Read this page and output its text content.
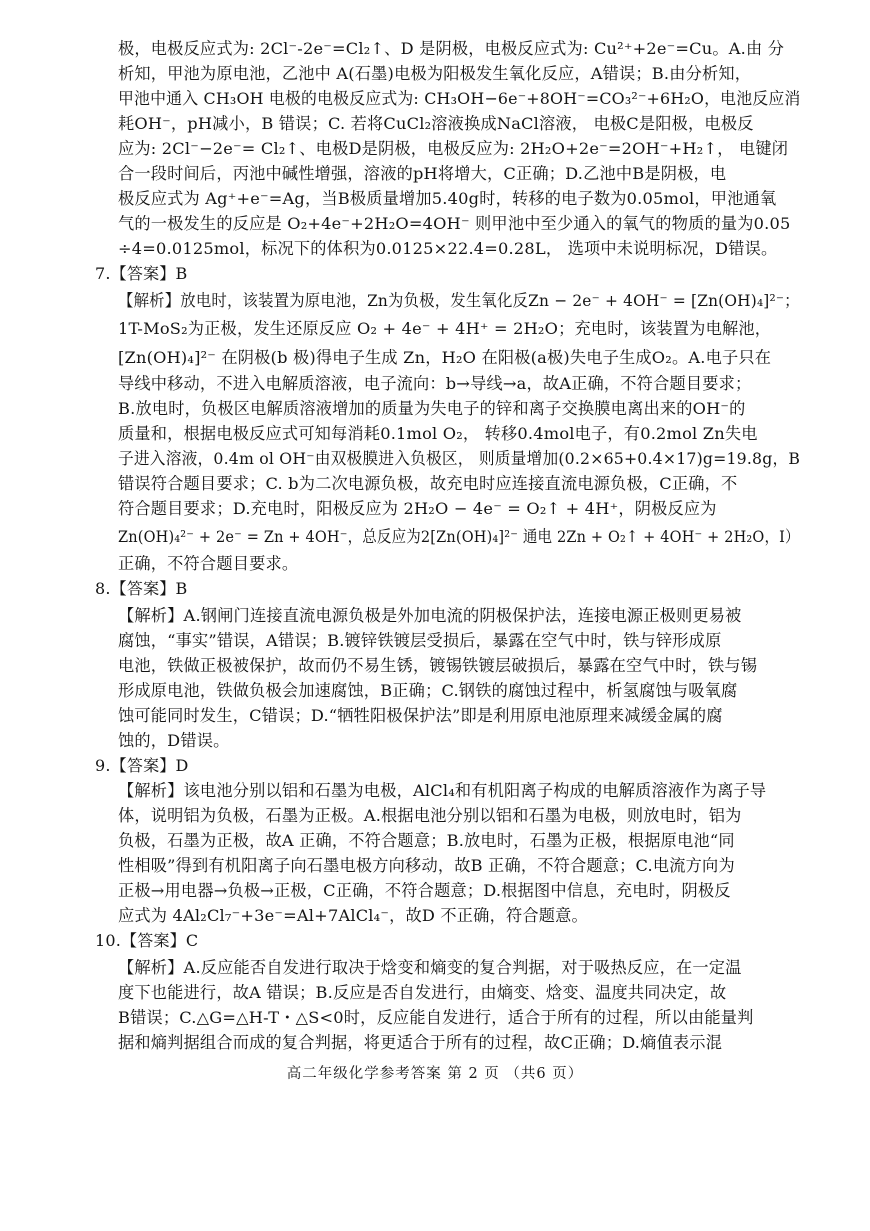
极，电极反应式为: 2Cl⁻-2e⁻=Cl₂↑、D 是阴极，电极反应式为: Cu²⁺+2e⁻=Cu。A.由 分
析知，甲池为原电池，乙池中 A(石墨)电极为阳极发生氧化反应，A错误；B.由分析知，
甲池中通入 CH₃OH 电极的电极反应式为: CH₃OH−6e⁻+8OH⁻=CO₃²⁻+6H₂O，电池反应消
耗OH⁻，pH减小，B 错误；C. 若将CuCl₂溶液换成NaCl溶液， 电极C是阳极，电极反
应为: 2Cl⁻−2e⁻= Cl₂↑、电极D是阴极，电极反应为: 2H₂O+2e⁻=2OH⁻+H₂↑， 电键闭
合一段时间后，丙池中碱性增强，溶液的pH将增大，C正确；D.乙池中B是阴极，电
极反应式为 Ag⁺+e⁻=Ag，当B极质量增加5.40g时，转移的电子数为0.05mol，甲池通氧
气的一极发生的反应是 O₂+4e⁻+2H₂O=4OH⁻ 则甲池中至少通入的氧气的物质的量为0.05
÷4=0.0125mol，标况下的体积为0.0125×22.4=0.28L， 选项中未说明标况，D错误。
7.【答案】B
【解析】放电时，该装置为原电池，Zn为负极，发生氧化反Zn − 2e⁻ + 4OH⁻ = [Zn(OH)₄]²⁻；
1T-MoS₂为正极，发生还原反应 O₂ + 4e⁻ + 4H⁺ = 2H₂O；充电时，该装置为电解池，
[Zn(OH)₄]²⁻ 在阴极(b 极)得电子生成 Zn，H₂O 在阳极(a极)失电子生成O₂。A.电子只在
导线中移动，不进入电解质溶液，电子流向：b→导线→a，故A正确，不符合题目要求；
B.放电时，负极区电解质溶液增加的质量为失电子的锌和离子交换膜电离出来的OH⁻的
质量和，根据电极反应式可知每消耗0.1mol O₂， 转移0.4mol电子，有0.2mol Zn失电
子进入溶液，0.4m ol OH⁻由双极膜进入负极区， 则质量增加(0.2×65+0.4×17)g=19.8g，B
错误符合题目要求；C. b为二次电源负极，故充电时应连接直流电源负极，C正确，不
符合题目要求；D.充电时，阳极反应为 2H₂O − 4e⁻ = O₂↑ + 4H⁺，阴极反应为
Zn(OH)₄²⁻ + 2e⁻ = Zn + 4OH⁻，总反应为2[Zn(OH)₄]²⁻ 通电 2Zn + O₂↑ + 4OH⁻ + 2H₂O，I）
正确，不符合题目要求。
8.【答案】B
【解析】A.钢闸门连接直流电源负极是外加电流的阴极保护法，连接电源正极则更易被
腐蚀，“事实”错误，A错误；B.镀锌铁镀层受损后，暴露在空气中时，铁与锌形成原
电池，铁做正极被保护，故而仍不易生锈，镀锡铁镀层破损后，暴露在空气中时，铁与锡
形成原电池，铁做负极会加速腐蚀，B正确；C.钢铁的腐蚀过程中，析氢腐蚀与吸氧腐
蚀可能同时发生，C错误；D.“牺牲阳极保护法”即是利用原电池原理来减缓金属的腐
蚀的，D错误。
9.【答案】D
【解析】该电池分别以铝和石墨为电极，AlCl₄和有机阳离子构成的电解质溶液作为离子导
体，说明铝为负极，石墨为正极。A.根据电池分别以铝和石墨为电极，则放电时，铝为
负极，石墨为正极，故A 正确，不符合题意；B.放电时，石墨为正极，根据原电池“同
性相吸”得到有机阳离子向石墨电极方向移动，故B 正确，不符合题意；C.电流方向为
正极→用电器→负极→正极，C正确，不符合题意；D.根据图中信息，充电时，阴极反
应式为 4Al₂Cl₇⁻+3e⁻=Al+7AlCl₄⁻，故D 不正确，符合题意。
10.【答案】C
【解析】A.反应能否自发进行取决于焓变和熵变的复合判据，对于吸热反应，在一定温
度下也能进行，故A 错误；B.反应是否自发进行，由熵变、焓变、温度共同决定，故
B错误；C.△G=△H-T・△S<0时，反应能自发进行，适合于所有的过程，所以由能量判
据和熵判据组合而成的复合判据，将更适合于所有的过程，故C正确；D.熵值表示混
高二年级化学参考答案 第 2 页 （共6 页）
